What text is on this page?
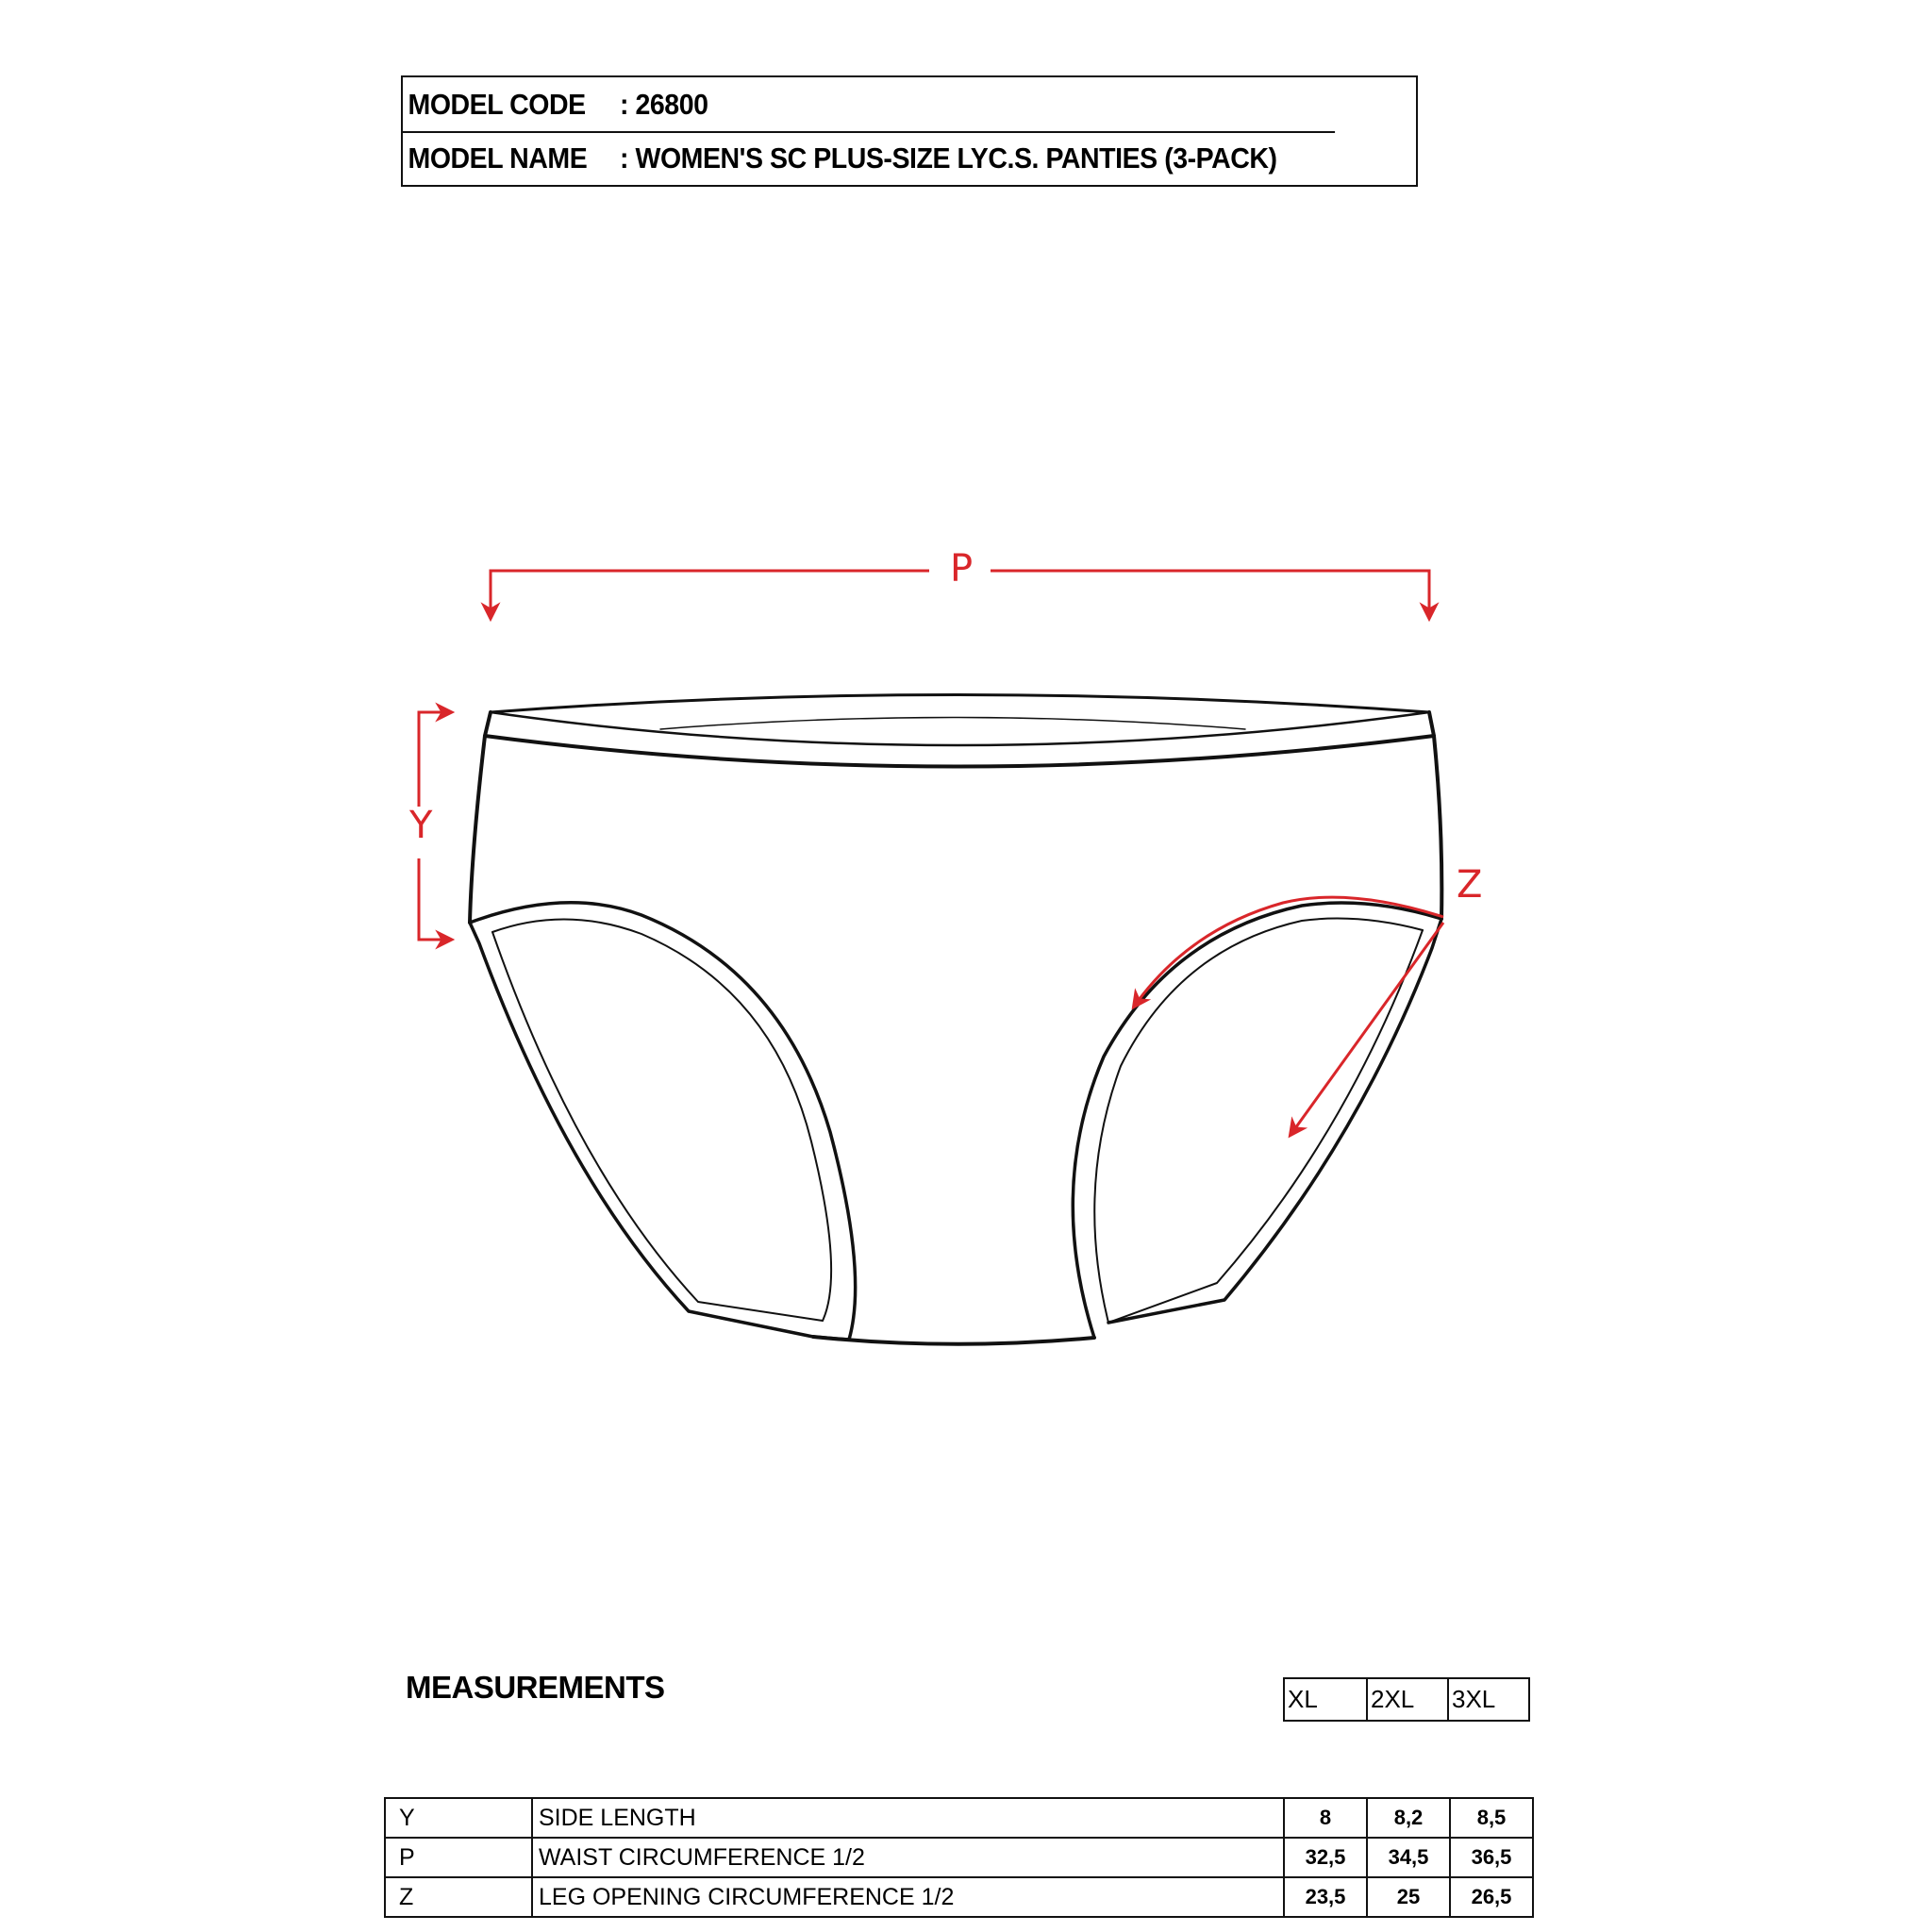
MODEL CODE : 26800
MODEL NAME : WOMEN'S SC PLUS-SIZE LYC.S. PANTIES (3-PACK)
P
Y
Z
MEASUREMENTS	XL	2XL	3XL
Y	SIDE LENGTH	8	8,2	8,5
P	WAIST CIRCUMFERENCE 1/2	32,5	34,5	36,5
Z	LEG OPENING CIRCUMFERENCE 1/2	23,5	25	26,5
